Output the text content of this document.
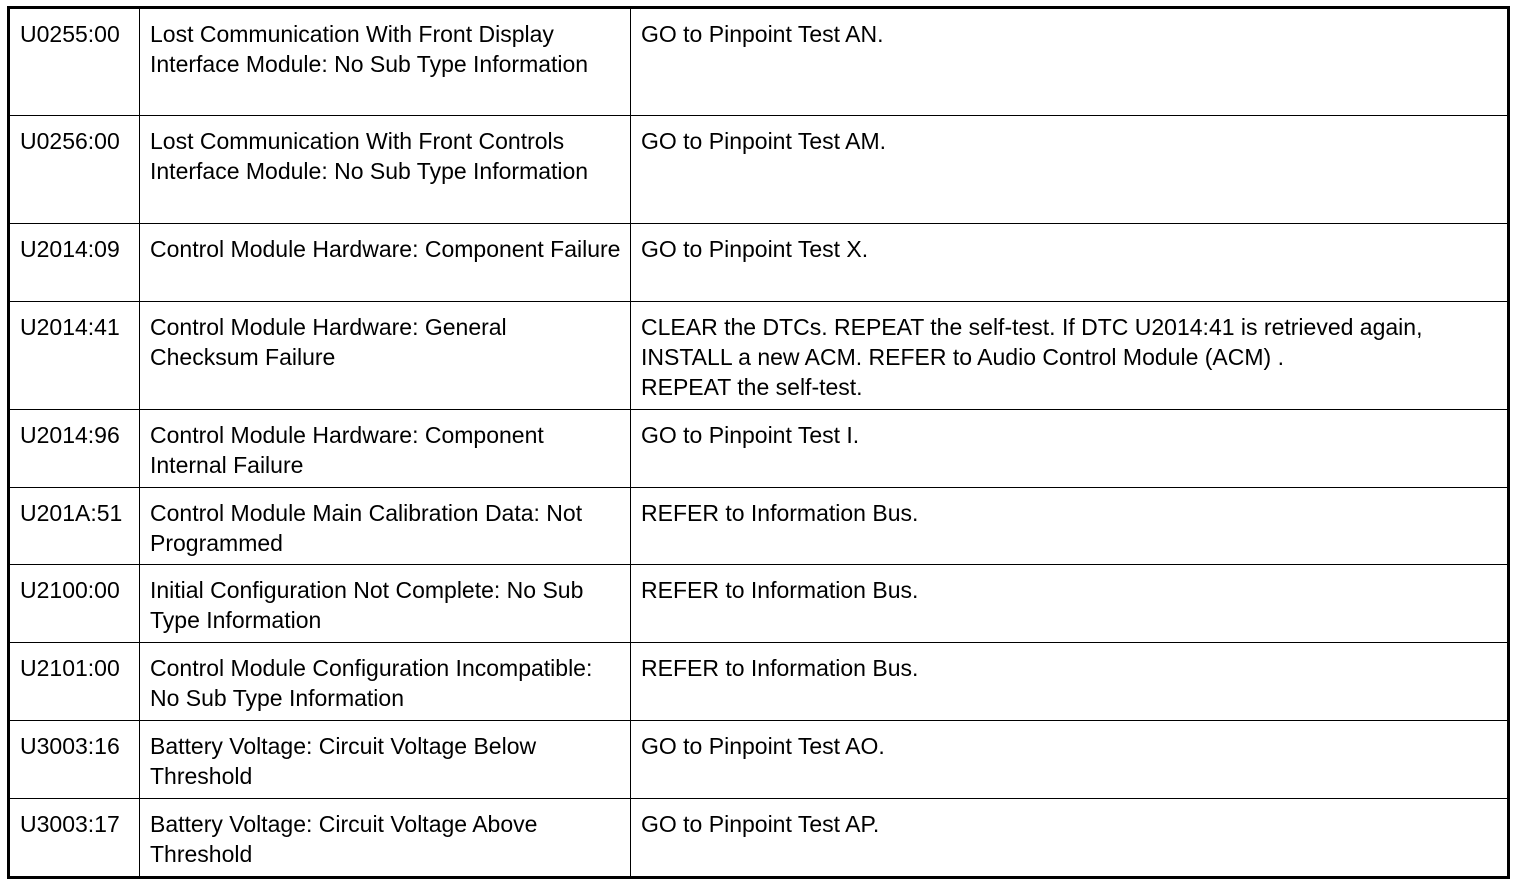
U0255:00	Lost Communication With Front Display Interface Module: No Sub Type Information	GO to Pinpoint Test AN.
U0256:00	Lost Communication With Front Controls Interface Module: No Sub Type Information	GO to Pinpoint Test AM.
U2014:09	Control Module Hardware: Component Failure	GO to Pinpoint Test X.
U2014:41	Control Module Hardware: General Checksum Failure	CLEAR the DTCs. REPEAT the self-test. If DTC U2014:41 is retrieved again,
INSTALL a new ACM. REFER to Audio Control Module (ACM) .
REPEAT the self-test.
U2014:96	Control Module Hardware: Component Internal Failure	GO to Pinpoint Test I.
U201A:51	Control Module Main Calibration Data: Not Programmed	REFER to Information Bus.
U2100:00	Initial Configuration Not Complete: No Sub Type Information	REFER to Information Bus.
U2101:00	Control Module Configuration Incompatible: No Sub Type Information	REFER to Information Bus.
U3003:16	Battery Voltage: Circuit Voltage Below Threshold	GO to Pinpoint Test AO.
U3003:17	Battery Voltage: Circuit Voltage Above Threshold	GO to Pinpoint Test AP.
